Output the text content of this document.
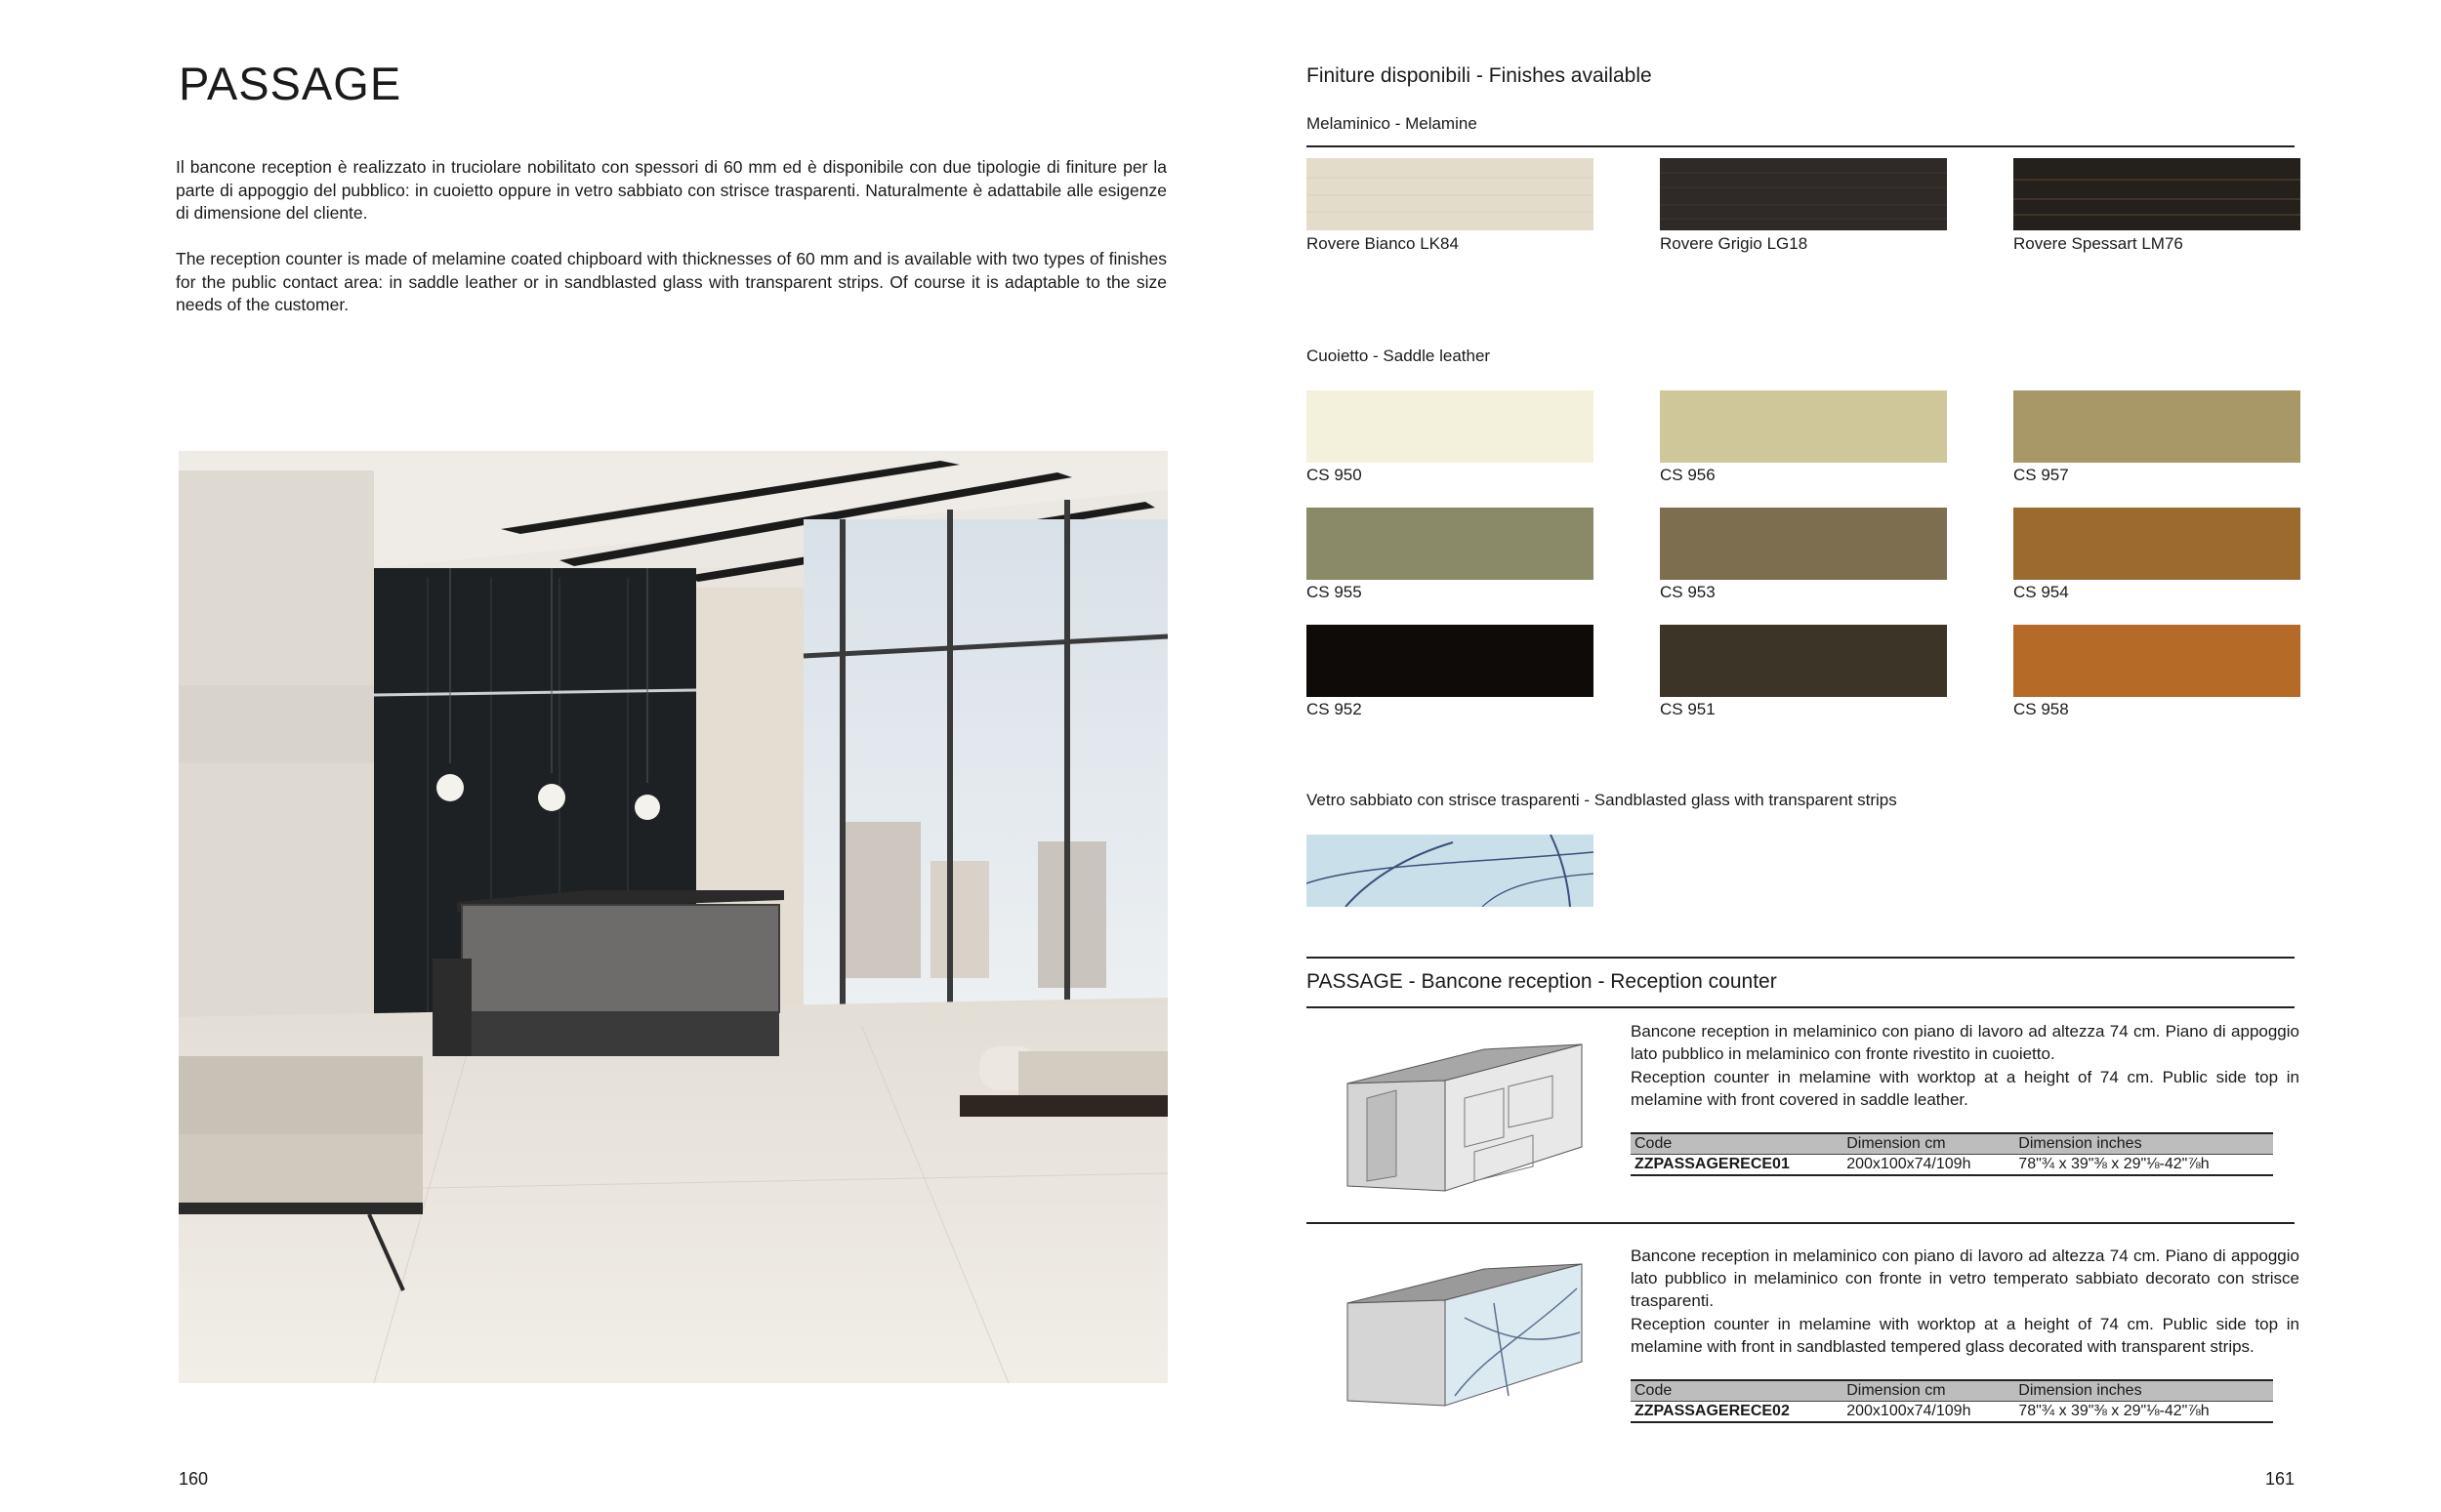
PASSAGE

Il bancone reception è realizzato in truciolare nobilitato con spessori di 60 mm ed è disponibile con due tipologie di finiture per la parte di appoggio del pubblico: in cuoietto oppure in vetro sabbiato con strisce trasparenti. Naturalmente è adattabile alle esigenze di dimensione del cliente.

The reception counter is made of melamine coated chipboard with thicknesses of 60 mm and is available with two types of finishes for the public contact area: in saddle leather or in sandblasted glass with transparent strips. Of course it is adaptable to the size needs of the customer.

160
Finiture disponibili - Finishes available
Melaminico - Melamine
Rovere Bianco LK84	Rovere Grigio LG18	Rovere Spessart LM76
Cuoietto - Saddle leather
CS 950	CS 956	CS 957
CS 955	CS 953	CS 954
CS 952	CS 951	CS 958
Vetro sabbiato con strisce trasparenti - Sandblasted glass with transparent strips
PASSAGE - Bancone reception - Reception counter

Bancone reception in melaminico con piano di lavoro ad altezza 74 cm. Piano di appoggio lato pubblico in melaminico con fronte rivestito in cuoietto.

Reception counter in melamine with worktop at a height of 74 cm. Public side top in melamine with front covered in saddle leather.

Code	Dimension cm	Dimension inches
ZZPASSAGERECE01	200x100x74/109h	78"¾ x 39"⅜ x 29"⅛-42"⅞h

Bancone reception in melaminico con piano di lavoro ad altezza 74 cm. Piano di appoggio lato pubblico in melaminico con fronte in vetro temperato sabbiato decorato con strisce trasparenti.

Reception counter in melamine with worktop at a height of 74 cm. Public side top in melamine with front in sandblasted tempered glass decorated with transparent strips.

Code	Dimension cm	Dimension inches
ZZPASSAGERECE02	200x100x74/109h	78"¾ x 39"⅜ x 29"⅛-42"⅞h
161
